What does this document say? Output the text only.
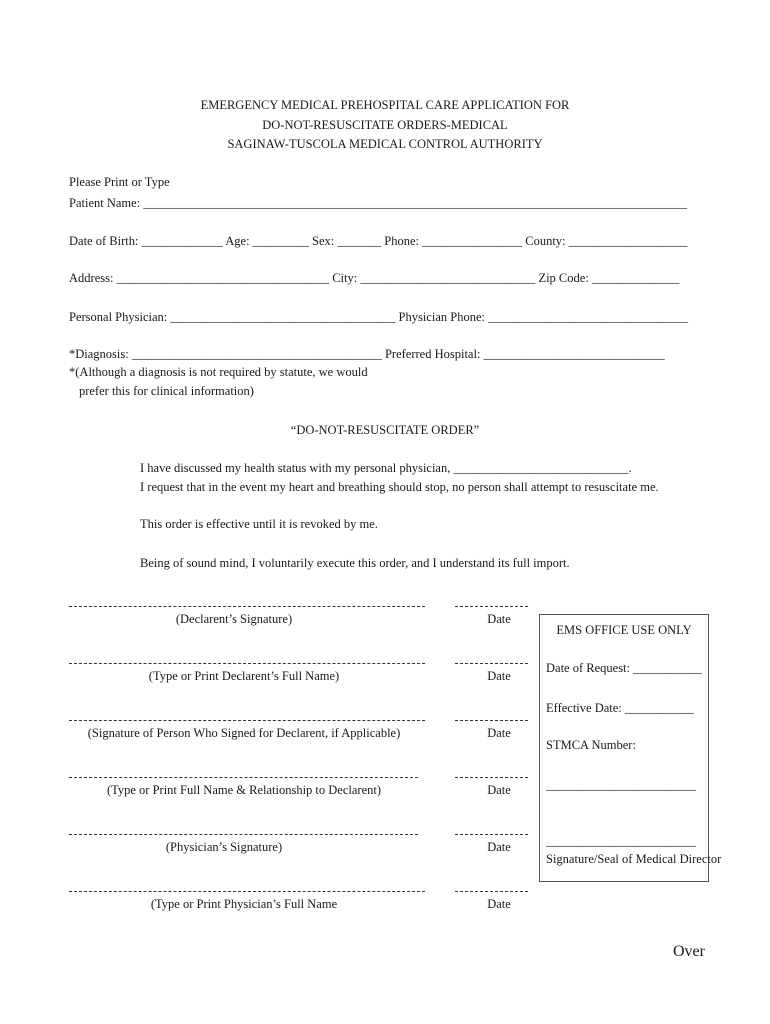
EMERGENCY MEDICAL PREHOSPITAL CARE APPLICATION FOR
DO-NOT-RESUSCITATE ORDERS-MEDICAL
SAGINAW-TUSCOLA MEDICAL CONTROL AUTHORITY
Please Print or Type
Patient Name: _______________________________________________________________________________________
Date of Birth: _____________ Age: _________ Sex: _______ Phone: ________________ County: ___________________
Address: __________________________________ City: ____________________________ Zip Code: ______________
Personal Physician: ____________________________________ Physician Phone: ________________________________
*Diagnosis: ________________________________________ Preferred Hospital: _____________________________
*(Although a diagnosis is not required by statute, we would
prefer this for clinical information)
“DO-NOT-RESUSCITATE ORDER”
I have discussed my health status with my personal physician, ____________________________.
I request that in the event my heart and breathing should stop, no person shall attempt to resuscitate me.
This order is effective until it is revoked by me.
Being of sound mind, I voluntarily execute this order, and I understand its full import.
(Declarent’s Signature)	Date
(Type or Print Declarent’s Full Name)	Date
(Signature of Person Who Signed for Declarent, if Applicable)	Date
(Type or Print Full Name & Relationship to Declarent)	Date
(Physician’s Signature)	Date
(Type or Print Physician’s Full Name	Date
EMS OFFICE USE ONLY
Date of Request: ___________
Effective Date: ___________
STMCA Number:
________________________
________________________
Signature/Seal of Medical Director
Over
